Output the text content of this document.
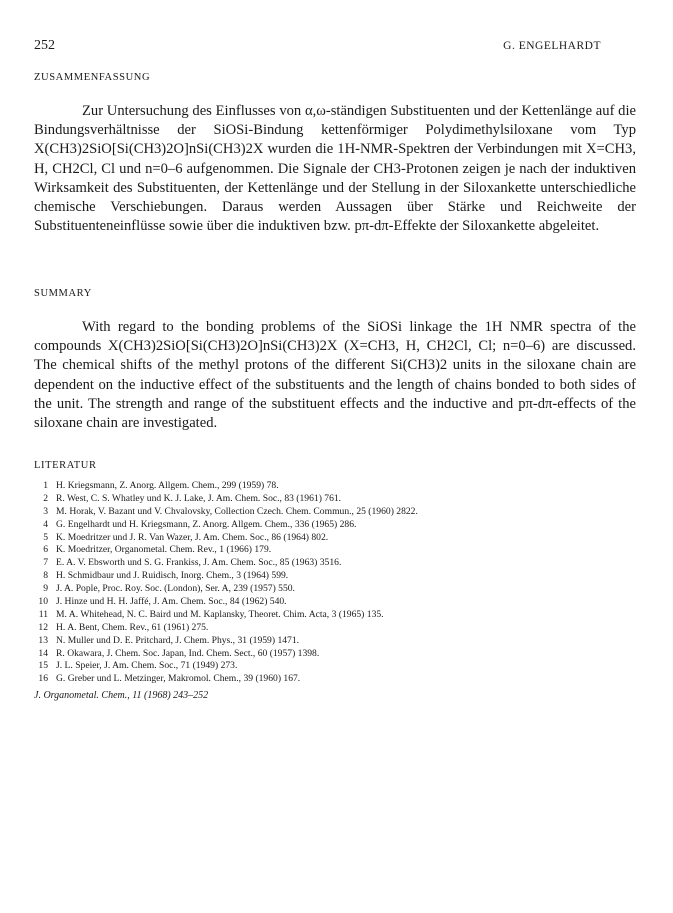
252	G. ENGELHARDT
ZUSAMMENFASSUNG
Zur Untersuchung des Einflusses von α,ω-ständigen Substituenten und der Kettenlänge auf die Bindungsverhältnisse der SiOSi-Bindung kettenförmiger Polydimethylsiloxane vom Typ X(CH3)2SiO[Si(CH3)2O]nSi(CH3)2X wurden die 1H-NMR-Spektren der Verbindungen mit X=CH3, H, CH2Cl, Cl und n=0–6 aufgenommen. Die Signale der CH3-Protonen zeigen je nach der induktiven Wirksamkeit des Substituenten, der Kettenlänge und der Stellung in der Siloxankette unterschiedliche chemische Verschiebungen. Daraus werden Aussagen über Stärke und Reichweite der Substituenteneinflüsse sowie über die induktiven bzw. pπ-dπ-Effekte der Siloxankette abgeleitet.
SUMMARY
With regard to the bonding problems of the SiOSi linkage the 1H NMR spectra of the compounds X(CH3)2SiO[Si(CH3)2O]nSi(CH3)2X (X=CH3, H, CH2Cl, Cl; n=0–6) are discussed. The chemical shifts of the methyl protons of the different Si(CH3)2 units in the siloxane chain are dependent on the inductive effect of the substituents and the length of chains bonded to both sides of the unit. The strength and range of the substituent effects and the inductive and pπ-dπ-effects of the siloxane chain are investigated.
LITERATUR
1 H. Kriegsmann, Z. Anorg. Allgem. Chem., 299 (1959) 78.
2 R. West, C. S. Whatley und K. J. Lake, J. Am. Chem. Soc., 83 (1961) 761.
3 M. Horak, V. Bazant und V. Chvalovsky, Collection Czech. Chem. Commun., 25 (1960) 2822.
4 G. Engelhardt und H. Kriegsmann, Z. Anorg. Allgem. Chem., 336 (1965) 286.
5 K. Moedritzer und J. R. Van Wazer, J. Am. Chem. Soc., 86 (1964) 802.
6 K. Moedritzer, Organometal. Chem. Rev., 1 (1966) 179.
7 E. A. V. Ebsworth und S. G. Frankiss, J. Am. Chem. Soc., 85 (1963) 3516.
8 H. Schmidbaur und J. Ruidisch, Inorg. Chem., 3 (1964) 599.
9 J. A. Pople, Proc. Roy. Soc. (London), Ser. A, 239 (1957) 550.
10 J. Hinze und H. H. Jaffé, J. Am. Chem. Soc., 84 (1962) 540.
11 M. A. Whitehead, N. C. Baird und M. Kaplansky, Theoret. Chim. Acta, 3 (1965) 135.
12 H. A. Bent, Chem. Rev., 61 (1961) 275.
13 N. Muller und D. E. Pritchard, J. Chem. Phys., 31 (1959) 1471.
14 R. Okawara, J. Chem. Soc. Japan, Ind. Chem. Sect., 60 (1957) 1398.
15 J. L. Speier, J. Am. Chem. Soc., 71 (1949) 273.
16 G. Greber und L. Metzinger, Makromol. Chem., 39 (1960) 167.
J. Organometal. Chem., 11 (1968) 243–252
